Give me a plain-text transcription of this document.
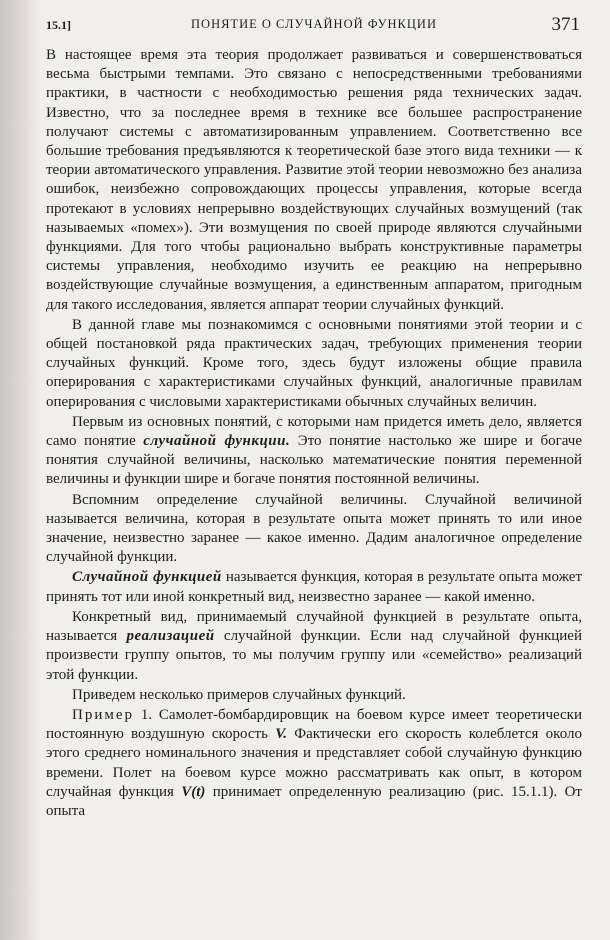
15.1]	ПОНЯТИЕ О СЛУЧАЙНОЙ ФУНКЦИИ	371

В настоящее время эта теория продолжает развиваться и совершенствоваться весьма быстрыми темпами. Это связано с непосредственными требованиями практики, в частности с необходимостью решения ряда технических задач. Известно, что за последнее время в технике все большее распространение получают системы с автоматизированным управлением. Соответственно все большие требования предъявляются к теоретической базе этого вида техники — к теории автоматического управления. Развитие этой теории невозможно без анализа ошибок, неизбежно сопровождающих процессы управления, которые всегда протекают в условиях непрерывно воздействующих случайных возмущений (так называемых «помех»). Эти возмущения по своей природе являются случайными функциями. Для того чтобы рационально выбрать конструктивные параметры системы управления, необходимо изучить ее реакцию на непрерывно воздействующие случайные возмущения, а единственным аппаратом, пригодным для такого исследования, является аппарат теории случайных функций.

В данной главе мы познакомимся с основными понятиями этой теории и с общей постановкой ряда практических задач, требующих применения теории случайных функций. Кроме того, здесь будут изложены общие правила оперирования с характеристиками случайных функций, аналогичные правилам оперирования с числовыми характеристиками обычных случайных величин.

Первым из основных понятий, с которыми нам придется иметь дело, является само понятие случайной функции. Это понятие настолько же шире и богаче понятия случайной величины, насколько математические понятия переменной величины и функции шире и богаче понятия постоянной величины.

Вспомним определение случайной величины. Случайной величиной называется величина, которая в результате опыта может принять то или иное значение, неизвестно заранее — какое именно. Дадим аналогичное определение случайной функции.

Случайной функцией называется функция, которая в результате опыта может принять тот или иной конкретный вид, неизвестно заранее — какой именно.

Конкретный вид, принимаемый случайной функцией в результате опыта, называется реализацией случайной функции. Если над случайной функцией произвести группу опытов, то мы получим группу или «семейство» реализаций этой функции.

Приведем несколько примеров случайных функций.

Пример 1. Самолет-бомбардировщик на боевом курсе имеет теоретически постоянную воздушную скорость V. Фактически его скорость колеблется около этого среднего номинального значения и представляет собой случайную функцию времени. Полет на боевом курсе можно рассматривать как опыт, в котором случайная функция V(t) принимает определенную реализацию (рис. 15.1.1). От опыта
